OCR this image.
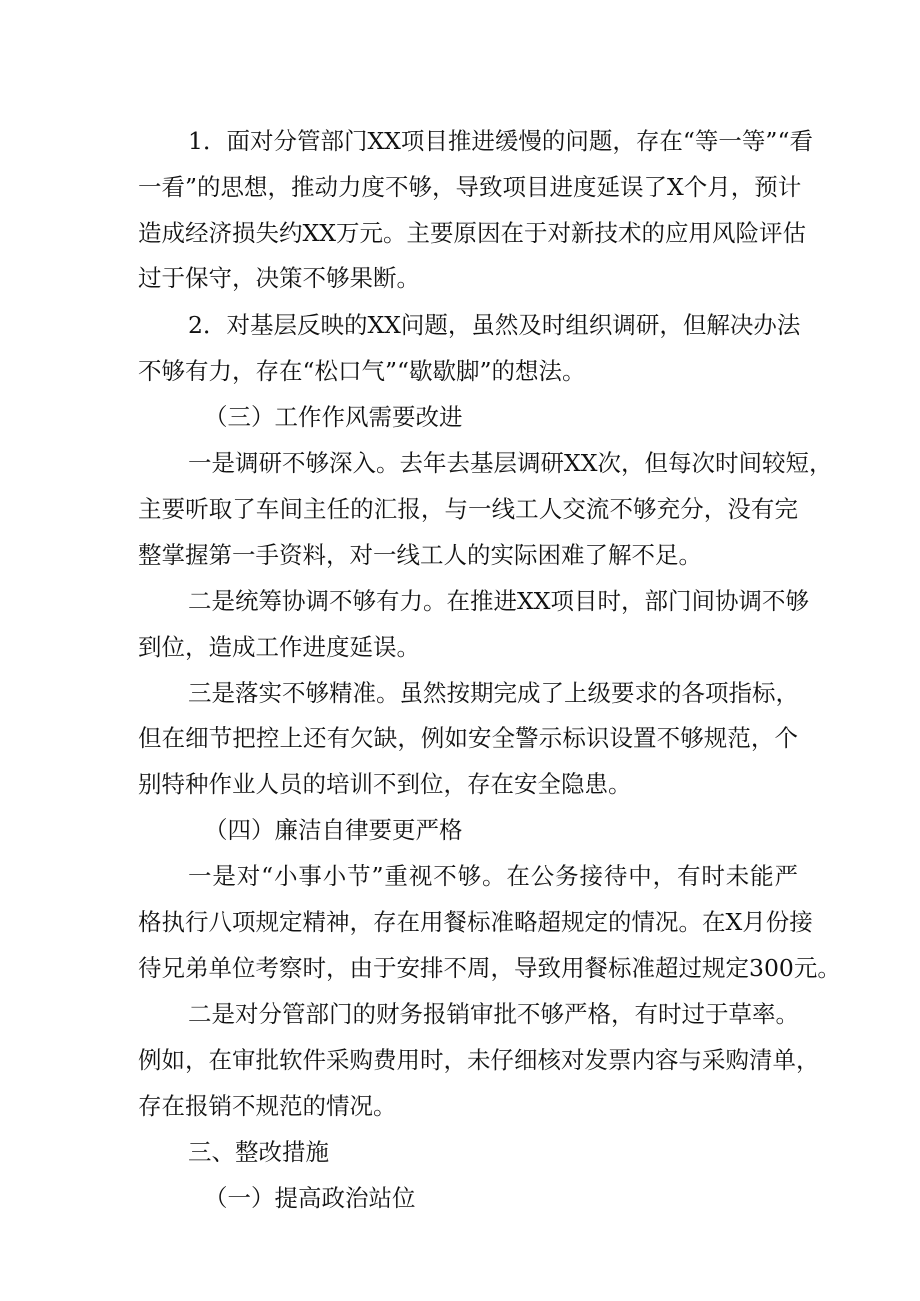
1．面对分管部门XX项目推进缓慢的问题，存在“等一等”“看
一看”的思想，推动力度不够，导致项目进度延误了X个月，预计
造成经济损失约XX万元。主要原因在于对新技术的应用风险评估
过于保守，决策不够果断。
2．对基层反映的XX问题，虽然及时组织调研，但解决办法
不够有力，存在“松口气”“歇歇脚”的想法。
（三）工作作风需要改进
一是调研不够深入。去年去基层调研XX次，但每次时间较短，
主要听取了车间主任的汇报，与一线工人交流不够充分，没有完
整掌握第一手资料，对一线工人的实际困难了解不足。
二是统筹协调不够有力。在推进XX项目时，部门间协调不够
到位，造成工作进度延误。
三是落实不够精准。虽然按期完成了上级要求的各项指标，
但在细节把控上还有欠缺，例如安全警示标识设置不够规范，个
别特种作业人员的培训不到位，存在安全隐患。
（四）廉洁自律要更严格
一是对“小事小节”重视不够。在公务接待中，有时未能严
格执行八项规定精神，存在用餐标准略超规定的情况。在X月份接
待兄弟单位考察时，由于安排不周，导致用餐标准超过规定300元。
二是对分管部门的财务报销审批不够严格，有时过于草率。
例如，在审批软件采购费用时，未仔细核对发票内容与采购清单，
存在报销不规范的情况。
三、整改措施
（一）提高政治站位
